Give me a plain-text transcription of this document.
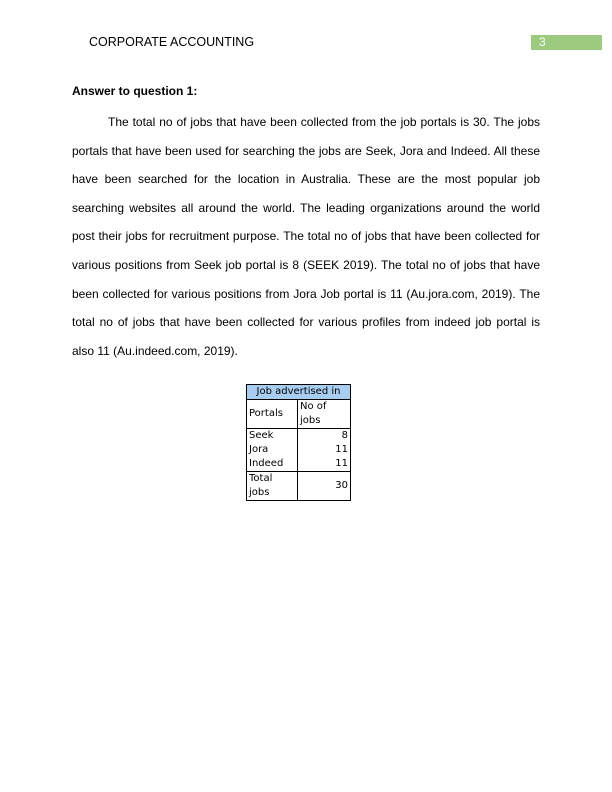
CORPORATE ACCOUNTING	3
Answer to question 1:

The total no of jobs that have been collected from the job portals is 30. The jobs portals that have been used for searching the jobs are Seek, Jora and Indeed. All these have been searched for the location in Australia. These are the most popular job searching websites all around the world. The leading organizations around the world post their jobs for recruitment purpose. The total no of jobs that have been collected for various positions from Seek job portal is 8 (SEEK 2019). The total no of jobs that have been collected for various positions from Jora Job portal is 11 (Au.jora.com, 2019). The total no of jobs that have been collected for various profiles from indeed job portal is also 11 (Au.indeed.com, 2019).

Job advertised in	
Portals	No of jobs
Seek	8
Jora	11
Indeed	11
Total jobs	30
